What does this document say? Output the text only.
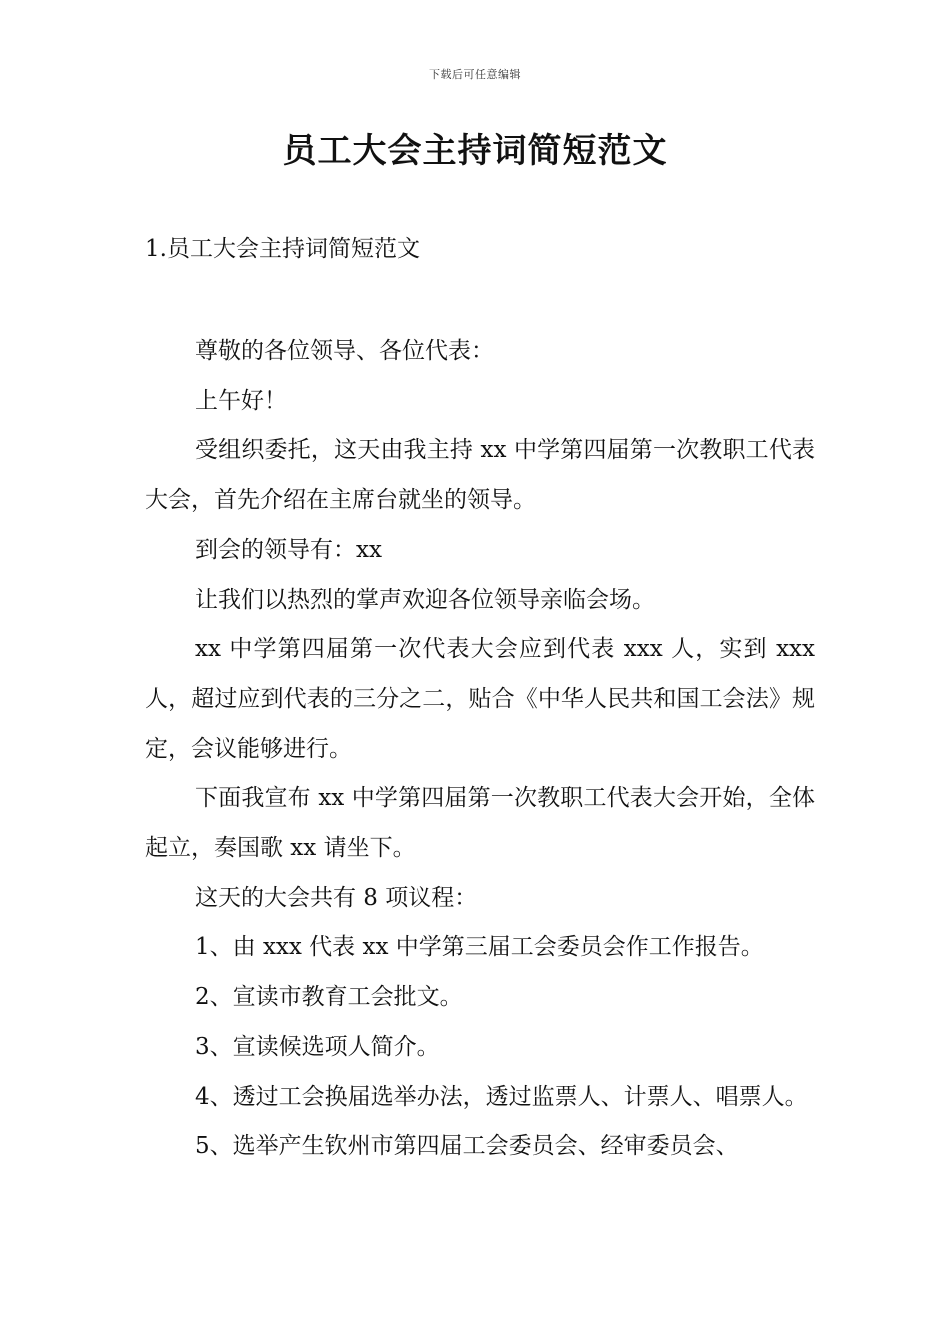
下载后可任意编辑
员工大会主持词简短范文
1.员工大会主持词简短范文

尊敬的各位领导、各位代表：

上午好！

受组织委托，这天由我主持 xx 中学第四届第一次教职工代表大会，首先介绍在主席台就坐的领导。

到会的领导有：xx

让我们以热烈的掌声欢迎各位领导亲临会场。

xx 中学第四届第一次代表大会应到代表 xxx 人，实到 xxx 人，超过应到代表的三分之二，贴合《中华人民共和国工会法》规定，会议能够进行。

下面我宣布 xx 中学第四届第一次教职工代表大会开始，全体起立，奏国歌 xx 请坐下。

这天的大会共有 8 项议程：

1、由 xxx 代表 xx 中学第三届工会委员会作工作报告。

2、宣读市教育工会批文。

3、宣读候选项人简介。

4、透过工会换届选举办法，透过监票人、计票人、唱票人。

5、选举产生钦州市第四届工会委员会、经审委员会、
